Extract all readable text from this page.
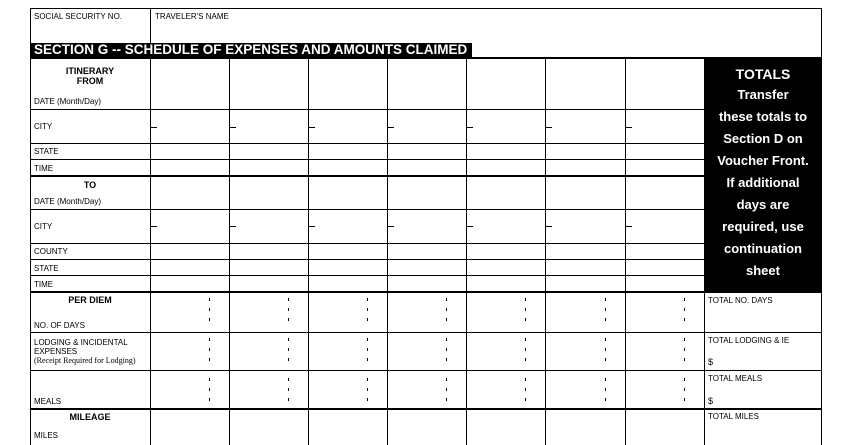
SOCIAL SECURITY NO.	TRAVELER'S NAME
SECTION G -- SCHEDULE OF EXPENSES AND AMOUNTS CLAIMED
TOTALS
Transfer
these totals to
Section D on
Voucher Front.
If additional
days are
required, use
continuation
sheet
ITINERARY
FROM
DATE (Month/Day)
CITY
STATE
TIME
TO
DATE (Month/Day)
CITY
COUNTY
STATE
TIME
PER DIEM
NO. OF DAYS
LODGING & INCIDENTAL
EXPENSES
(Receipt Required for Lodging)
MEALS
TOTAL NO. DAYS
TOTAL LODGING & IE
$
TOTAL MEALS
$
TOTAL MILES
MILEAGE
MILES
